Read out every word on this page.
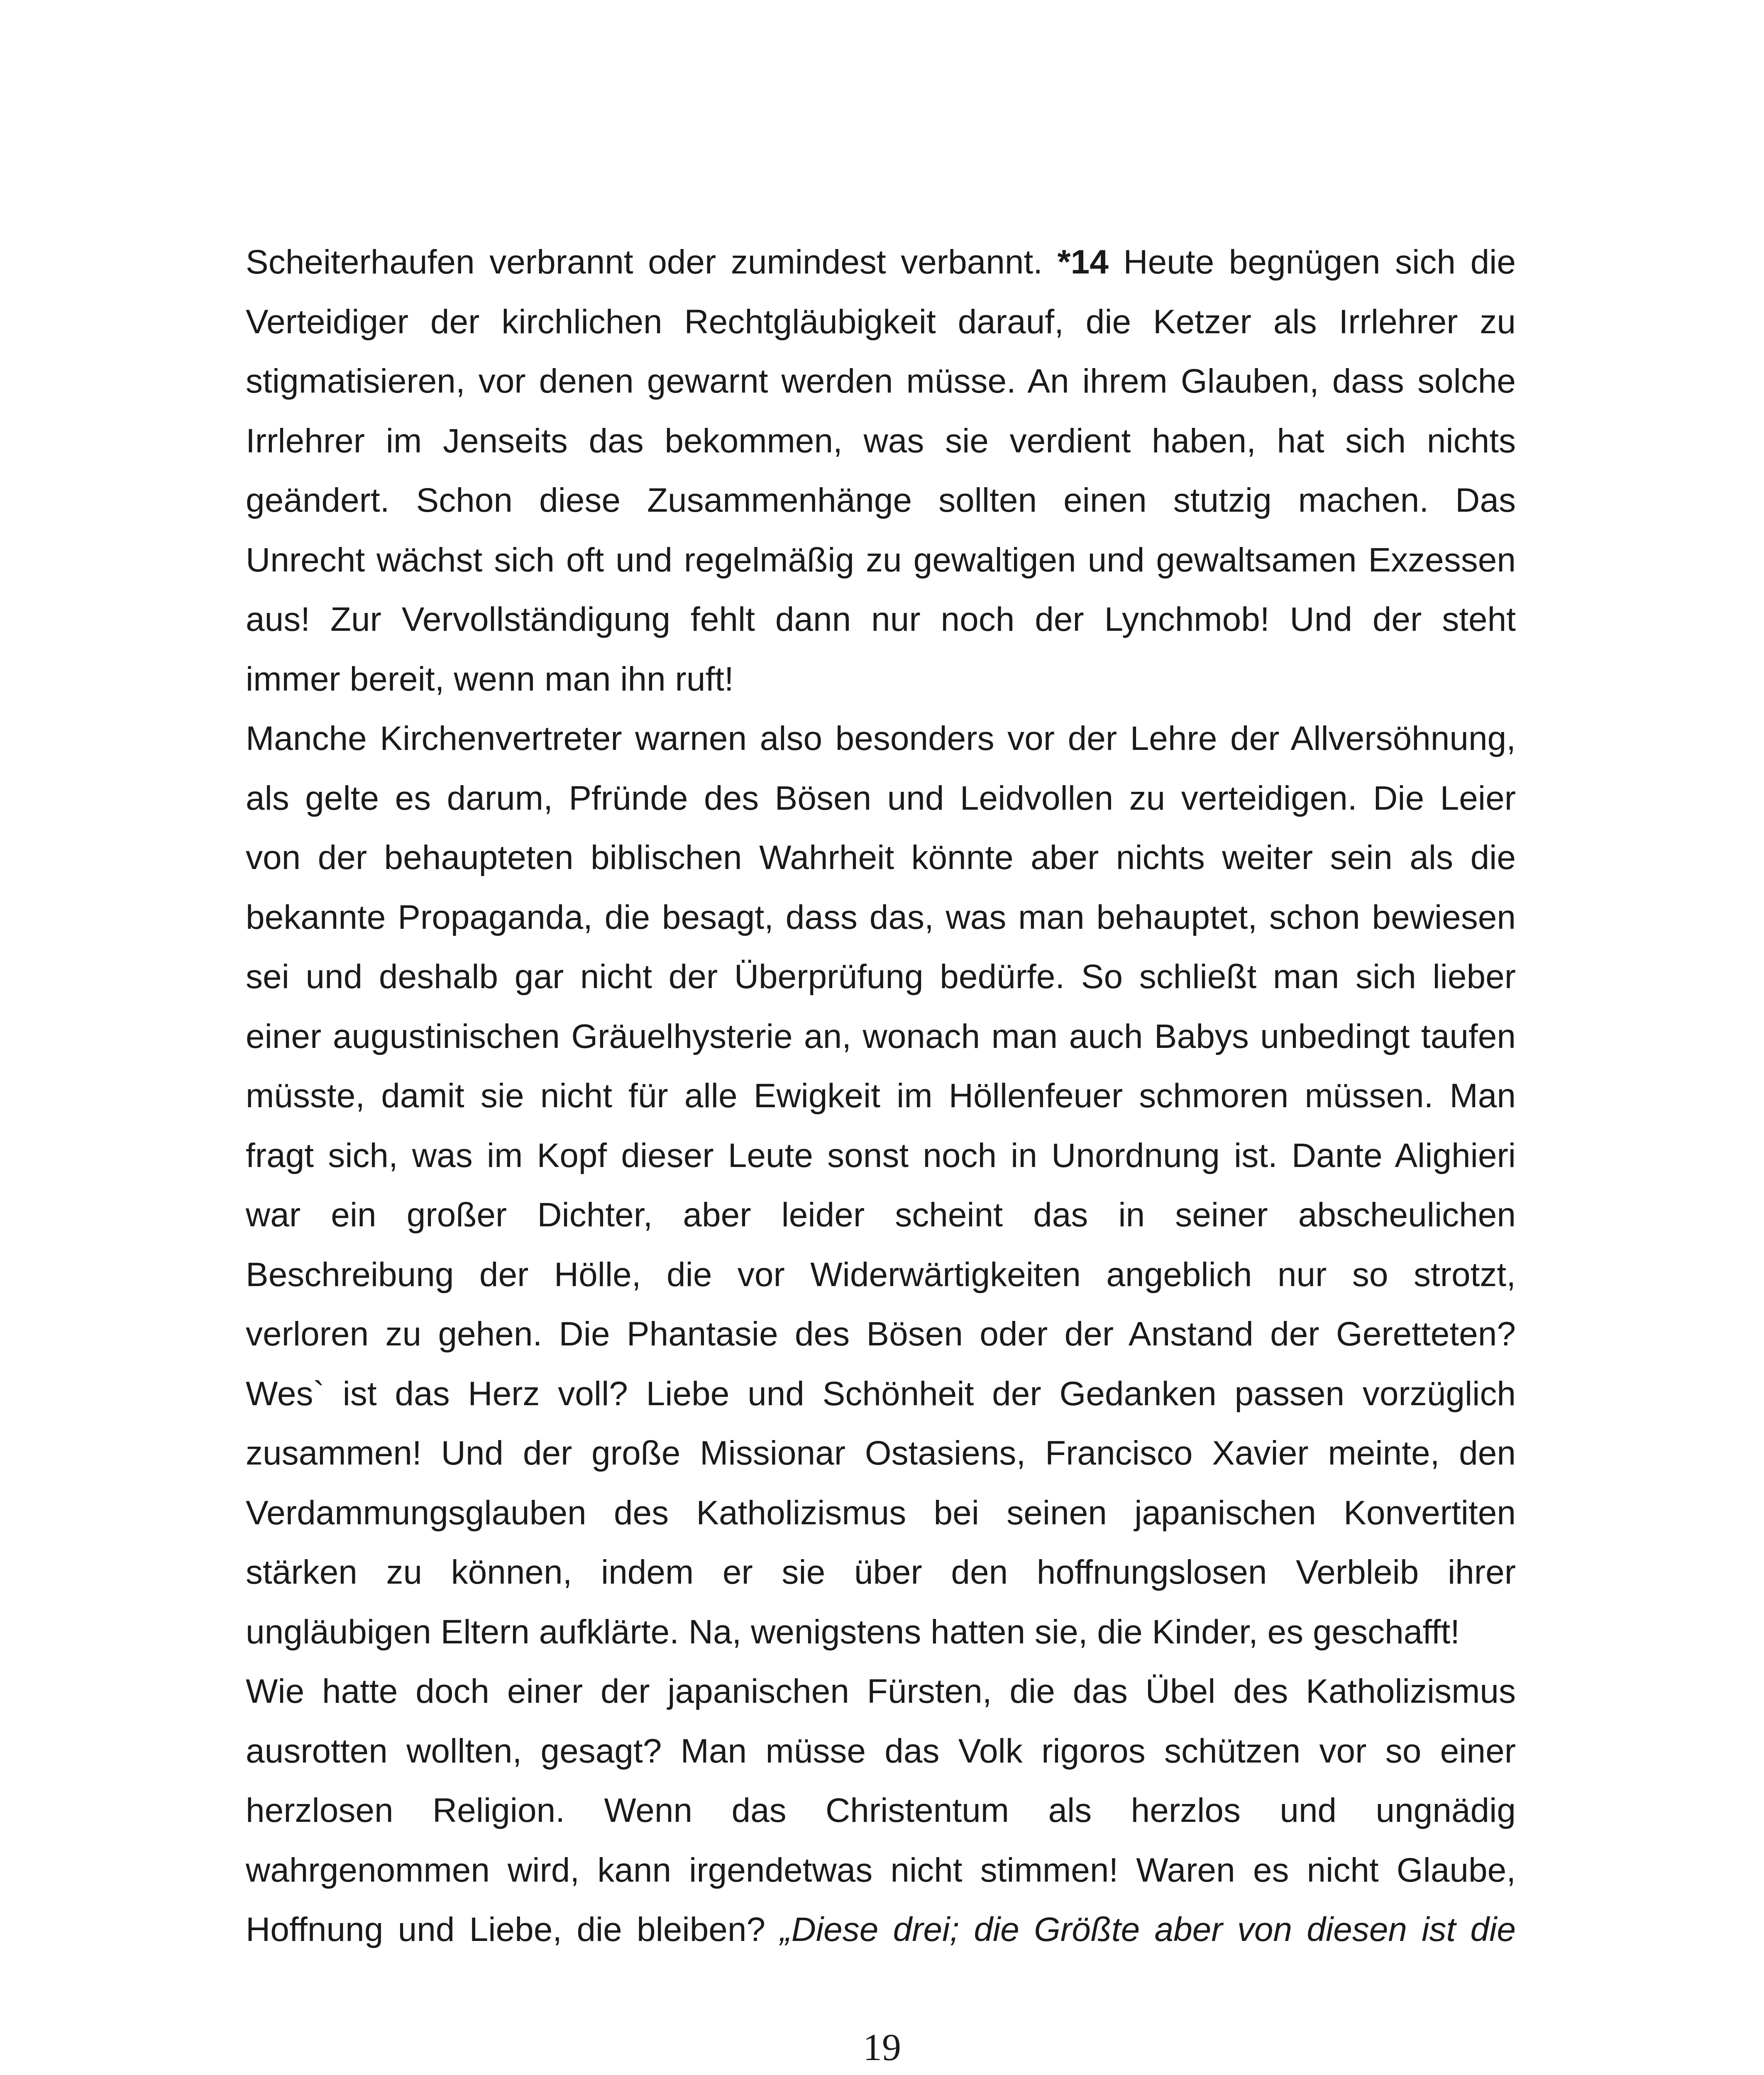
Scheiterhaufen verbrannt oder zumindest verbannt. *14 Heute begnügen sich die
Verteidiger der kirchlichen Rechtgläubigkeit darauf, die Ketzer als Irrlehrer zu
stigmatisieren, vor denen gewarnt werden müsse. An ihrem Glauben, dass solche
Irrlehrer im Jenseits das bekommen, was sie verdient haben, hat sich nichts
geändert. Schon diese Zusammenhänge sollten einen stutzig machen. Das
Unrecht wächst sich oft und regelmäßig zu gewaltigen und gewaltsamen Exzessen
aus! Zur Vervollständigung fehlt dann nur noch der Lynchmob! Und der steht
immer bereit, wenn man ihn ruft!
Manche Kirchenvertreter warnen also besonders vor der Lehre der Allversöhnung,
als gelte es darum, Pfründe des Bösen und Leidvollen zu verteidigen. Die Leier
von der behaupteten biblischen Wahrheit könnte aber nichts weiter sein als die
bekannte Propaganda, die besagt, dass das, was man behauptet, schon bewiesen
sei und deshalb gar nicht der Überprüfung bedürfe. So schließt man sich lieber
einer augustinischen Gräuelhysterie an, wonach man auch Babys unbedingt taufen
müsste, damit sie nicht für alle Ewigkeit im Höllenfeuer schmoren müssen. Man
fragt sich, was im Kopf dieser Leute sonst noch in Unordnung ist. Dante Alighieri
war ein großer Dichter, aber leider scheint das in seiner abscheulichen
Beschreibung der Hölle, die vor Widerwärtigkeiten angeblich nur so strotzt,
verloren zu gehen. Die Phantasie des Bösen oder der Anstand der Geretteten?
Wes` ist das Herz voll? Liebe und Schönheit der Gedanken passen vorzüglich
zusammen! Und der große Missionar Ostasiens, Francisco Xavier meinte, den
Verdammungsglauben des Katholizismus bei seinen japanischen Konvertiten
stärken zu können, indem er sie über den hoffnungslosen Verbleib ihrer
ungläubigen Eltern aufklärte. Na, wenigstens hatten sie, die Kinder, es geschafft!
Wie hatte doch einer der japanischen Fürsten, die das Übel des Katholizismus
ausrotten wollten, gesagt? Man müsse das Volk rigoros schützen vor so einer
herzlosen Religion. Wenn das Christentum als herzlos und ungnädig
wahrgenommen wird, kann irgendetwas nicht stimmen! Waren es nicht Glaube,
Hoffnung und Liebe, die bleiben? „Diese drei; die Größte aber von diesen ist die
19
